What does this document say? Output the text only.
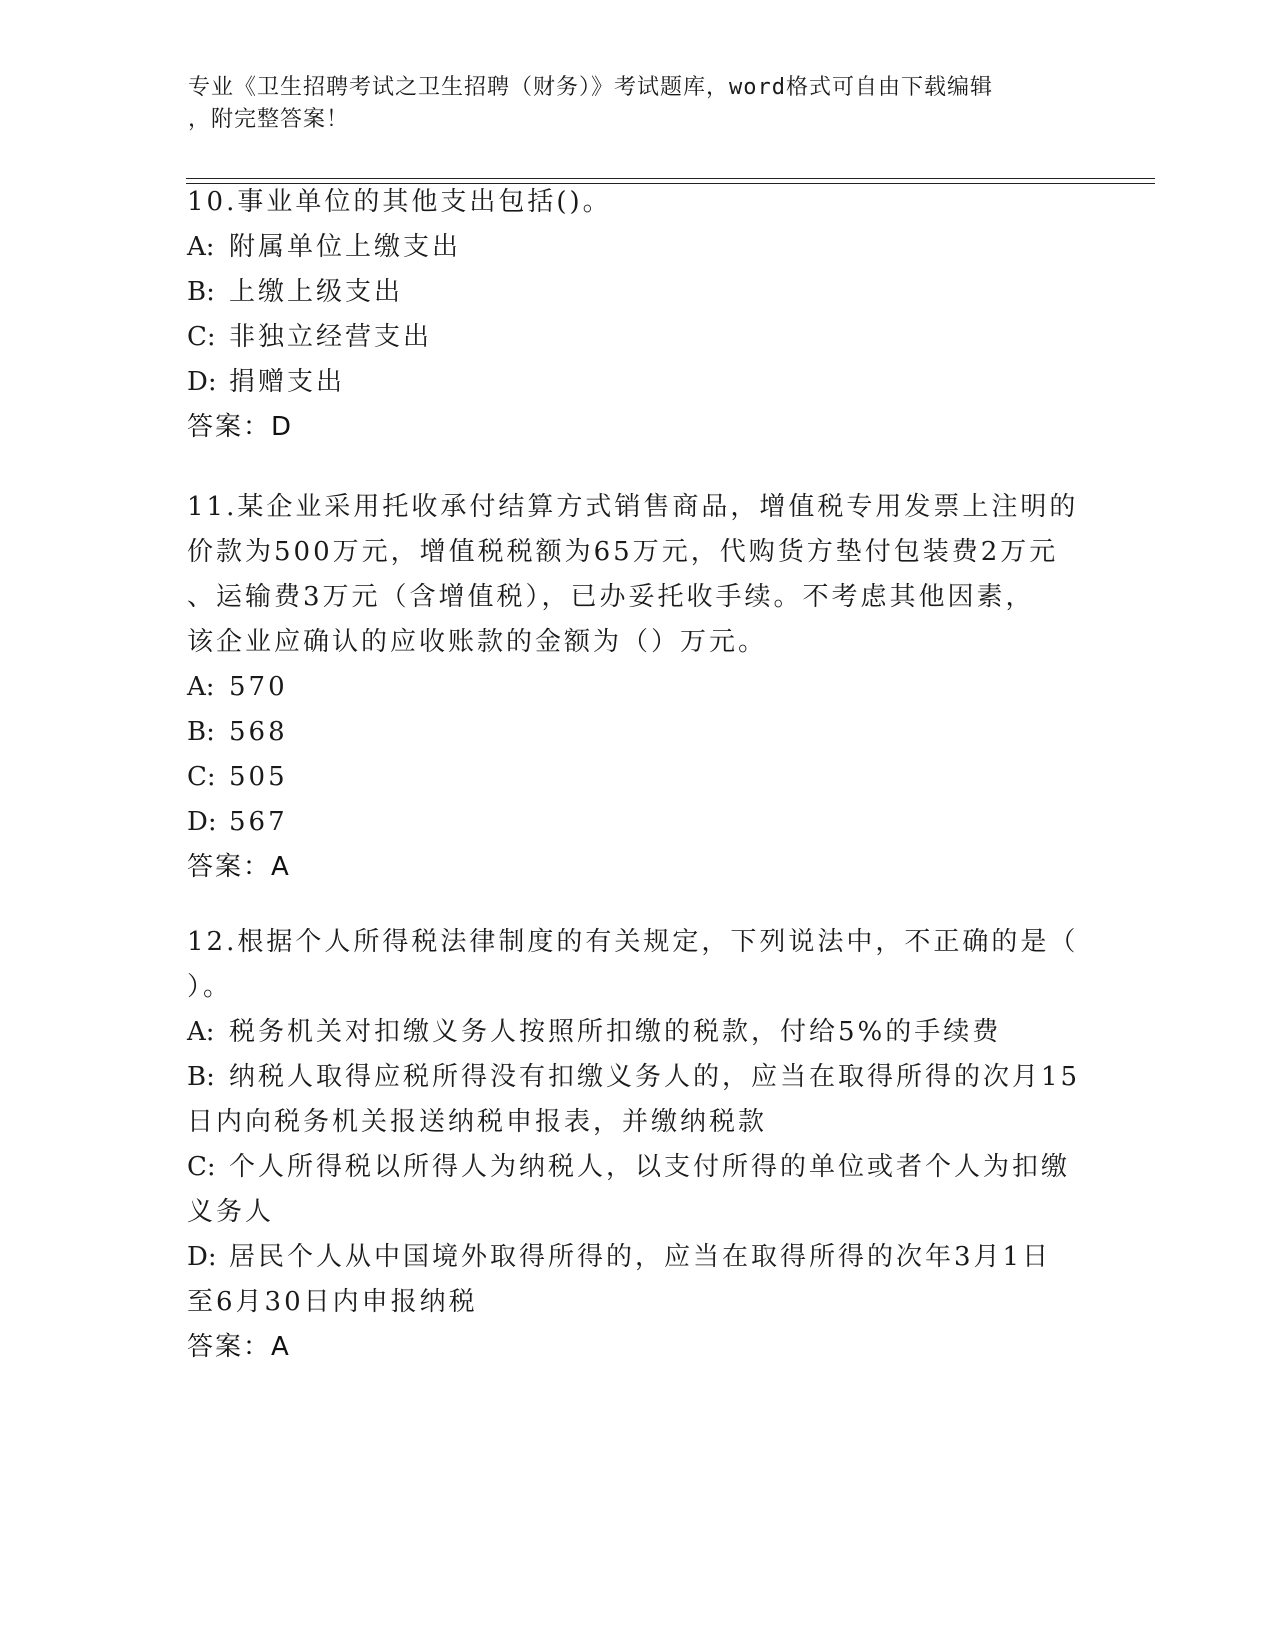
专业《卫生招聘考试之卫生招聘（财务）》考试题库，word格式可自由下载编辑
，附完整答案！

10.事业单位的其他支出包括()。

A: 附属单位上缴支出

B: 上缴上级支出

C: 非独立经营支出

D: 捐赠支出

答案：D

11.某企业采用托收承付结算方式销售商品，增值税专用发票上注明的

价款为500万元，增值税税额为65万元，代购货方垫付包装费2万元

、运输费3万元（含增值税），已办妥托收手续。不考虑其他因素，

该企业应确认的应收账款的金额为（）万元。

A: 570

B: 568

C: 505

D: 567

答案：A

12.根据个人所得税法律制度的有关规定，下列说法中，不正确的是（

）。

A: 税务机关对扣缴义务人按照所扣缴的税款，付给5%的手续费

B: 纳税人取得应税所得没有扣缴义务人的，应当在取得所得的次月15

日内向税务机关报送纳税申报表，并缴纳税款

C: 个人所得税以所得人为纳税人，以支付所得的单位或者个人为扣缴

义务人

D: 居民个人从中国境外取得所得的，应当在取得所得的次年3月1日

至6月30日内申报纳税

答案：A
